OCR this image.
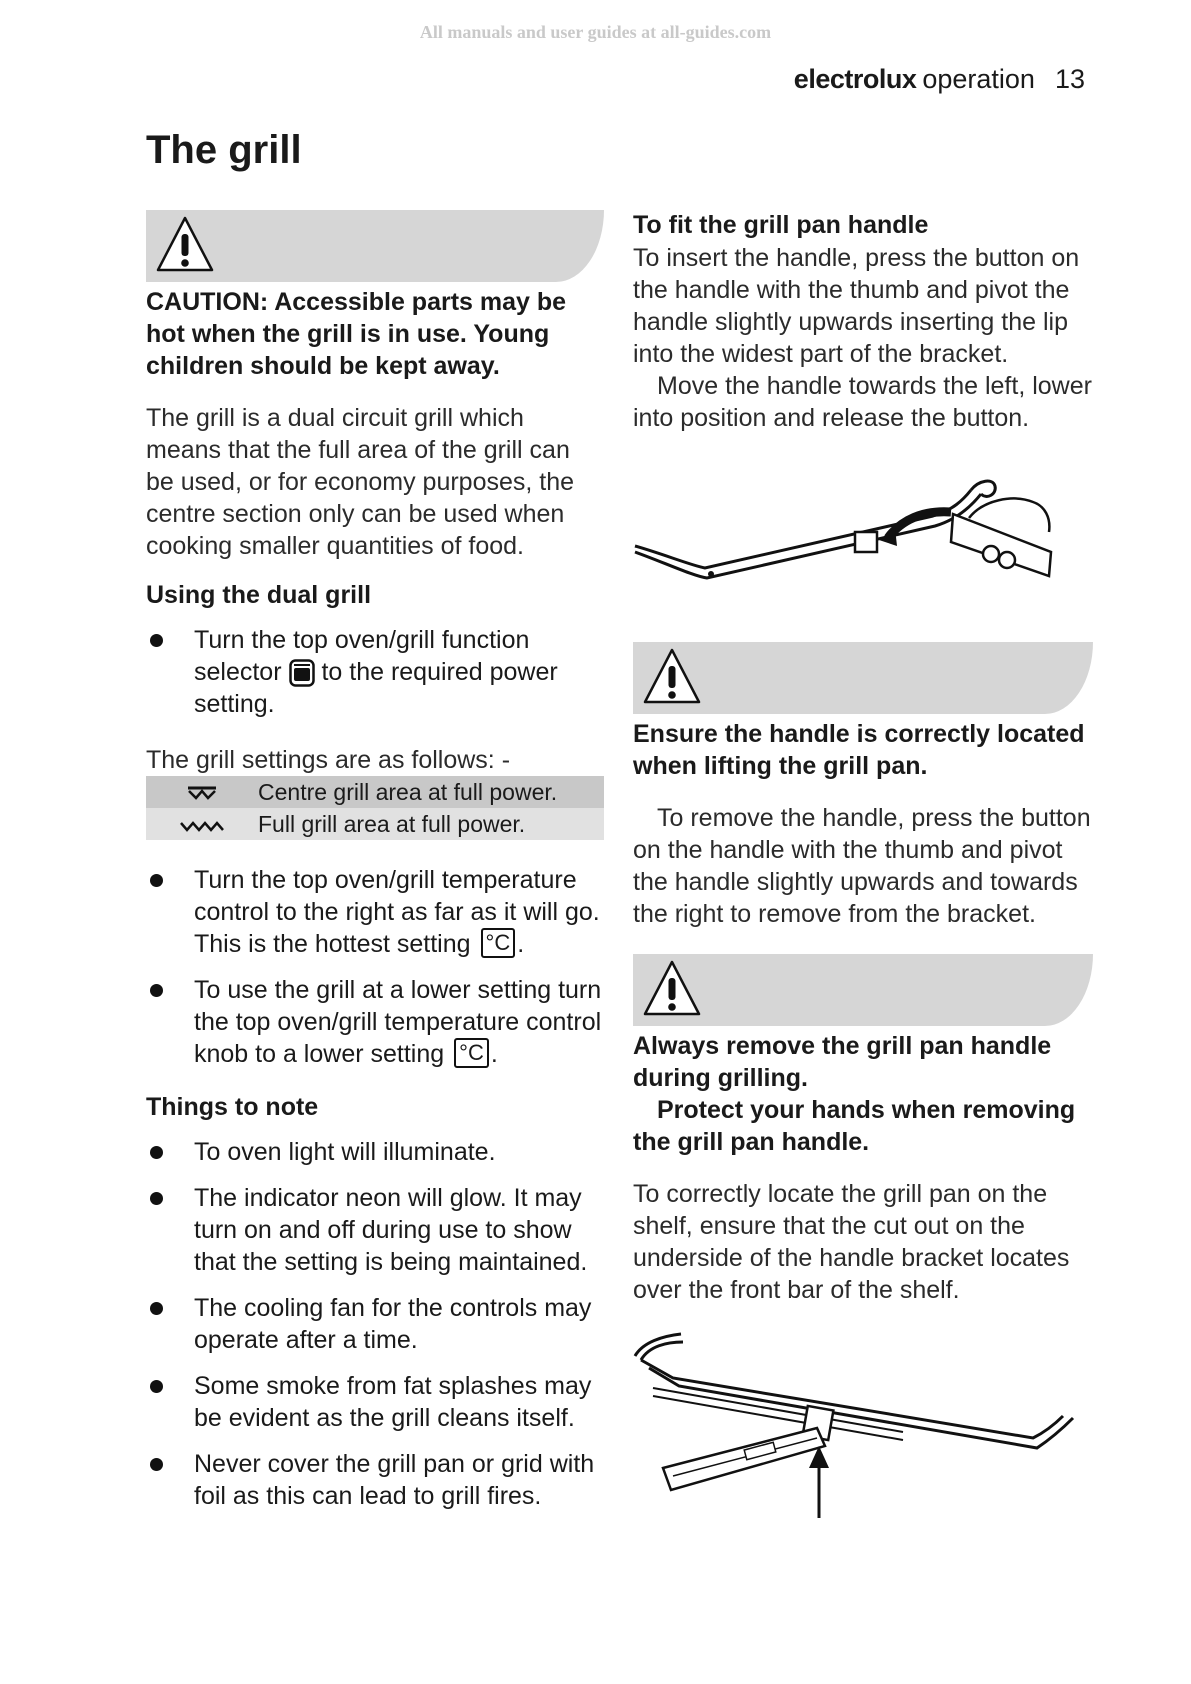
All manuals and user guides at all-guides.com
electrolux operation 13
The grill

CAUTION: Accessible parts may be hot when the grill is in use. Young children should be kept away.

The grill is a dual circuit grill which means that the full area of the grill can be used, or for economy purposes, the centre section only can be used when cooking smaller quantities of food.

Using the dual grill
Turn the top oven/grill function selector to the required power setting.

The grill settings are as follows: -

	Centre grill area at full power.
	Full grill area at full power.
Turn the top oven/grill temperature control to the right as far as it will go. This is the hottest setting °C .
To use the grill at a lower setting turn the top oven/grill temperature control knob to a lower setting °C .
Things to note
To oven light will illuminate.
The indicator neon will glow. It may turn on and off during use to show that the setting is being maintained.
The cooling fan for the controls may operate after a time.
Some smoke from fat splashes may be evident as the grill cleans itself.
Never cover the grill pan or grid with foil as this can lead to grill fires.
To fit the grill pan handle

To insert the handle, press the button on the handle with the thumb and pivot the handle slightly upwards inserting the lip into the widest part of the bracket.

Move the handle towards the left, lower into position and release the button.

Ensure the handle is correctly located when lifting the grill pan.

To remove the handle, press the button on the handle with the thumb and pivot the handle slightly upwards and towards the right to remove from the bracket.

Always remove the grill pan handle during grilling.

Protect your hands when removing the grill pan handle.

To correctly locate the grill pan on the shelf, ensure that the cut out on the underside of the handle bracket locates over the front bar of the shelf.
